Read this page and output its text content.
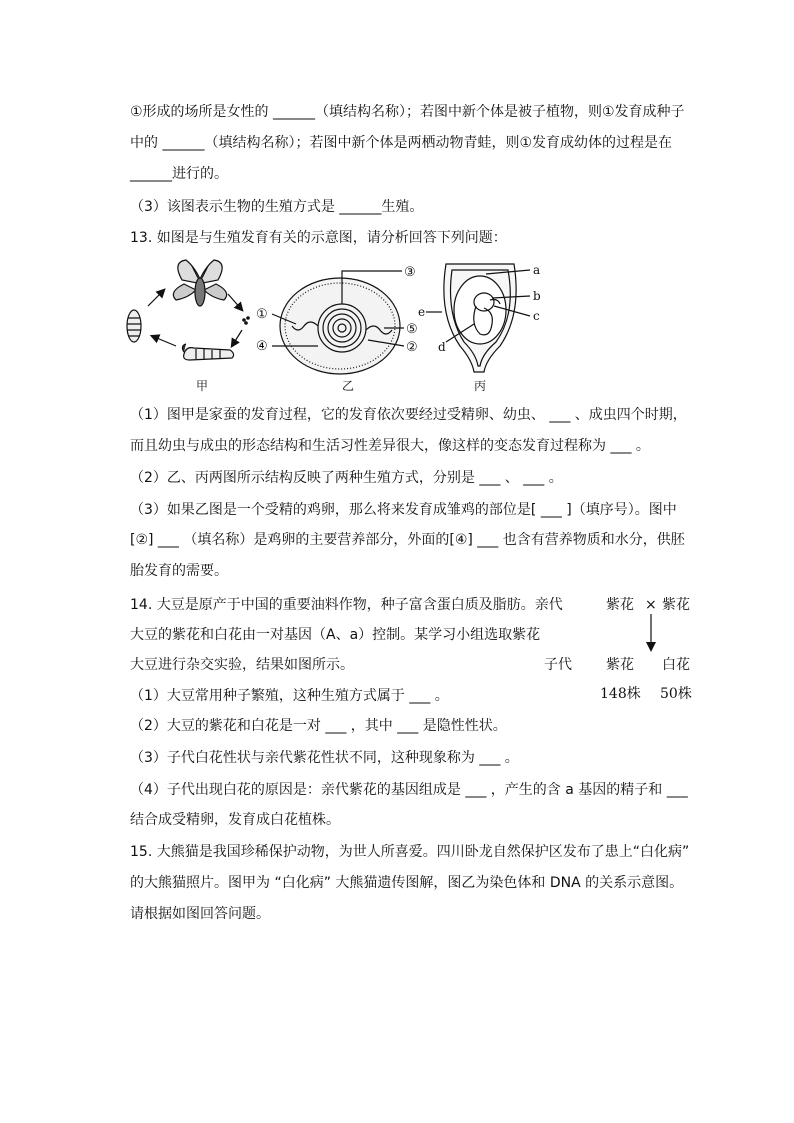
①形成的场所是女性的 ______（填结构名称）；若图中新个体是被子植物，则①发育成种子
中的 ______（填结构名称）；若图中新个体是两栖动物青蛙，则①发育成幼体的过程是在
______进行的。
（3）该图表示生物的生殖方式是 ______生殖。
13. 如图是与生殖发育有关的示意图，请分析回答下列问题：
甲
③
①
④
⑤
②
乙
a
b
c
d
e
丙
（1）图甲是家蚕的发育过程，它的发育依次要经过受精卵、幼虫、 ___ 、成虫四个时期，
而且幼虫与成虫的形态结构和生活习性差异很大，像这样的变态发育过程称为 ___ 。
（2）乙、丙两图所示结构反映了两种生殖方式，分别是 ___ 、 ___ 。
（3）如果乙图是一个受精的鸡卵，那么将来发育成雏鸡的部位是[ ___ ]（填序号）。图中
[②] ___ （填名称）是鸡卵的主要营养部分，外面的[④] ___ 也含有营养物质和水分，供胚
胎发育的需要。
14. 大豆是原产于中国的重要油料作物，种子富含蛋白质及脂肪。亲代
大豆的紫花和白花由一对基因（A、a）控制。某学习小组选取紫花
大豆进行杂交实验，结果如图所示。
紫花 × 紫花
子代 紫花 白花
148株 50株
（1）大豆常用种子繁殖，这种生殖方式属于 ___ 。
（2）大豆的紫花和白花是一对 ___ ，其中 ___ 是隐性性状。
（3）子代白花性状与亲代紫花性状不同，这种现象称为 ___ 。
（4）子代出现白花的原因是：亲代紫花的基因组成是 ___ ，产生的含 a 基因的精子和 ___
结合成受精卵，发育成白花植株。
15. 大熊猫是我国珍稀保护动物，为世人所喜爱。四川卧龙自然保护区发布了患上“白化病”
的大熊猫照片。图甲为 “白化病” 大熊猫遗传图解，图乙为染色体和 DNA 的关系示意图。
请根据如图回答问题。
